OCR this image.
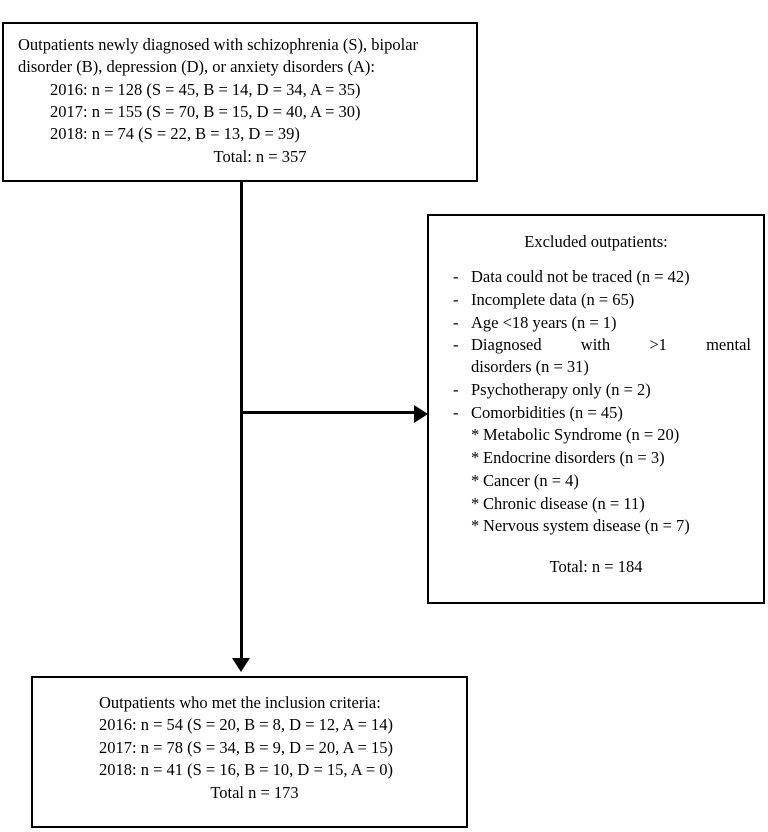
Outpatients newly diagnosed with schizophrenia (S), bipolar disorder (B), depression (D), or anxiety disorders (A):
2016: n = 128 (S = 45, B = 14, D = 34, A = 35)
2017: n = 155 (S = 70, B = 15, D = 40, A = 30)
2018: n = 74 (S = 22, B = 13, D = 39)
Total: n = 357
Excluded outpatients:
- Data could not be traced (n = 42)
- Incomplete data (n = 65)
- Age <18 years (n = 1)
- Diagnosed with >1 mental
disorders (n = 31)
- Psychotherapy only (n = 2)
- Comorbidities (n = 45)
* Metabolic Syndrome (n = 20)
* Endocrine disorders (n = 3)
* Cancer (n = 4)
* Chronic disease (n = 11)
* Nervous system disease (n = 7)
Total: n = 184
Outpatients who met the inclusion criteria:
2016: n = 54 (S = 20, B = 8, D = 12, A = 14)
2017: n = 78 (S = 34, B = 9, D = 20, A = 15)
2018: n = 41 (S = 16, B = 10, D = 15, A = 0)
Total n = 173
